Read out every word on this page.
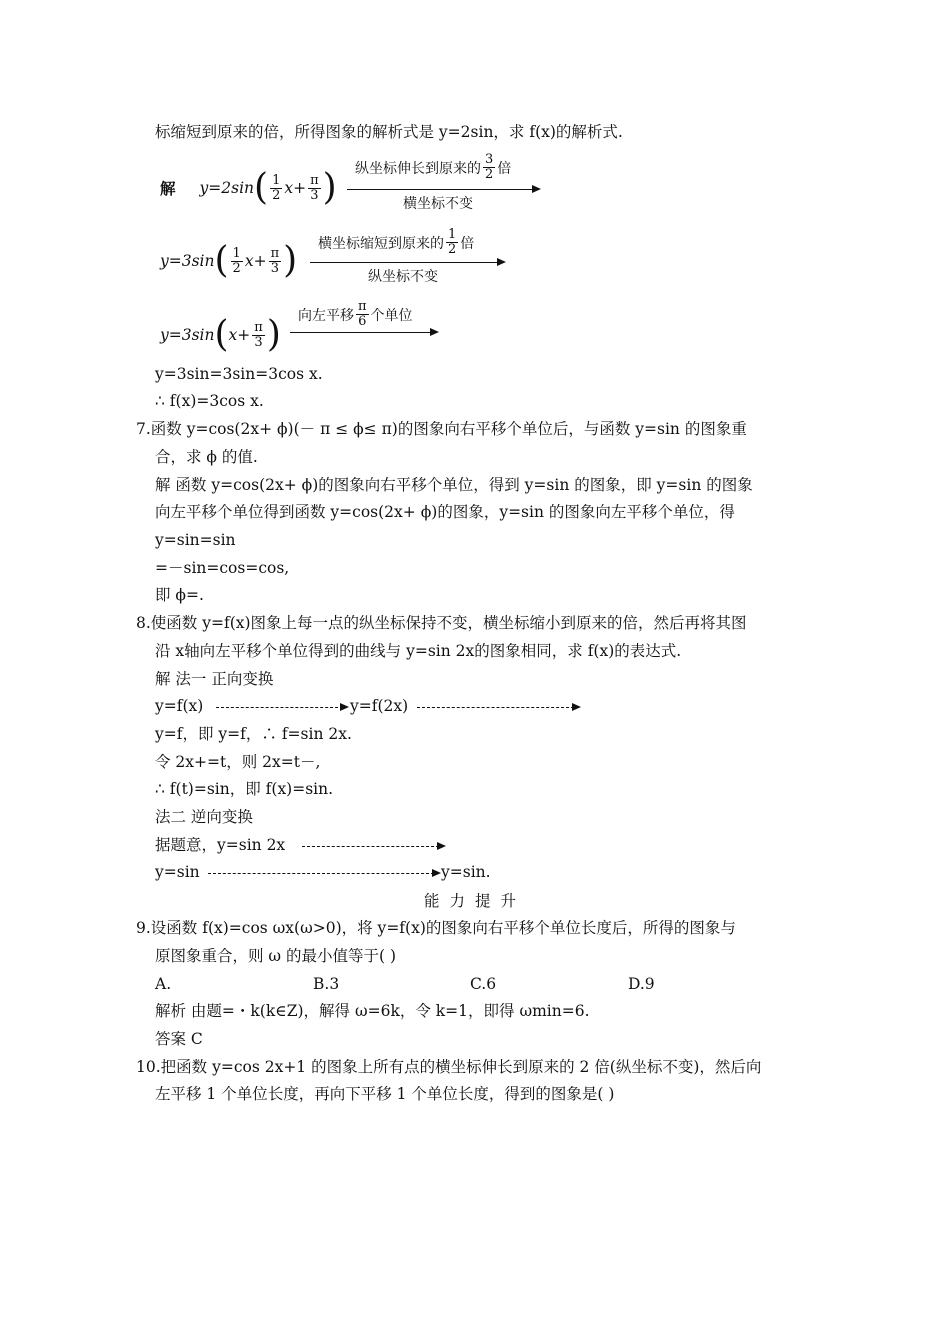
标缩短到原来的倍，所得图象的解析式是 y=2sin，求 f(x)的解析式.
解 y=2sin ( $\frac{1}{2} x+ \frac{\pi}{3}$ ) 纵坐标伸长到原来的 $\frac{3}{2}$ 倍
横坐标不变
y=3sin ( $\frac{1}{2} x+ \frac{\pi}{3}$ ) 横坐标缩短到原来的 $\frac{1}{2}$ 倍
纵坐标不变
y=3sin ( $x+ \frac{\pi}{3}$ ) 向左平移 $\frac{\pi}{6}$ 个单位
y=3sin=3sin=3cos x.
∴ f(x)=3cos x.
7.函数 y=cos(2x+ ϕ)(－ π ≤ ϕ≤ π)的图象向右平移个单位后，与函数 y=sin 的图象重
合，求 ϕ 的值.
解 函数 y=cos(2x+ ϕ)的图象向右平移个单位，得到 y=sin 的图象，即 y=sin 的图象
向左平移个单位得到函数 y=cos(2x+ ϕ)的图象，y=sin 的图象向左平移个单位，得
y=sin=sin
=－sin=cos=cos,
即 ϕ=.
8.使函数 y=f(x)图象上每一点的纵坐标保持不变，横坐标缩小到原来的倍，然后再将其图
沿 x轴向左平移个单位得到的曲线与 y=sin 2x的图象相同，求 f(x)的表达式.
解 法一 正向变换
y=f(x)	y=f(2x)
y=f，即 y=f，∴ f=sin 2x.
令 2x+=t，则 2x=t－,
∴ f(t)=sin，即 f(x)=sin.
法二 逆向变换
据题意，y=sin 2x
y=sin	y=sin.
能力提升
9.设函数 f(x)=cos ωx(ω>0)，将 y=f(x)的图象向右平移个单位长度后，所得的图象与
原图象重合，则 ω 的最小值等于( )
A.	B.3	C.6	D.9
解析 由题=・k(k∈Z)，解得 ω=6k，令 k=1，即得 ωmin=6.
答案 C
10.把函数 y=cos 2x+1 的图象上所有点的横坐标伸长到原来的 2 倍(纵坐标不变)，然后向
左平移 1 个单位长度，再向下平移 1 个单位长度，得到的图象是( )
